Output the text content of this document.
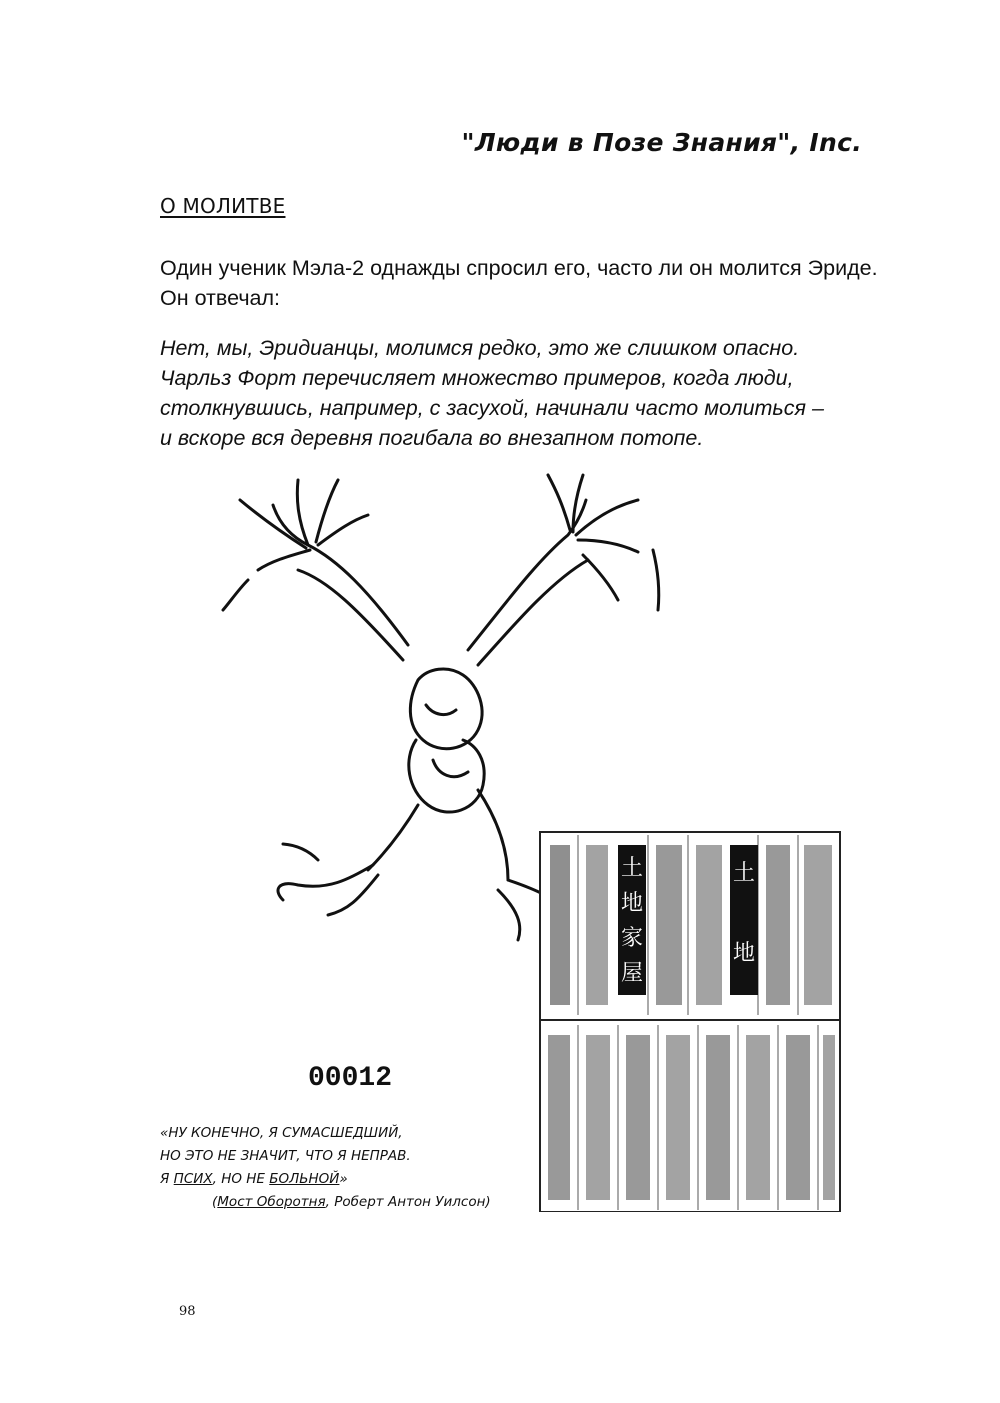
"Люди в Позе Знания", Inc.
О МОЛИТВЕ
Один ученик Мэла-2 однажды спросил его, часто ли он молится Эриде. Он отвечал:
Нет, мы, Эридианцы, молимся редко, это же слишком опасно.
Чарльз Форт перечисляет множество примеров, когда люди,
столкнувшись, например, с засухой, начинали часто молиться –
и вскоре вся деревня погибала во внезапном потопе.
00012
土
地
家
屋
土
地
«НУ КОНЕЧНО, Я СУМАСШЕДШИЙ,
НО ЭТО НЕ ЗНАЧИТ, ЧТО Я НЕПРАВ.
Я ПСИХ, НО НЕ БОЛЬНОЙ»
(Мост Оборотня, Роберт Антон Уилсон)
98
